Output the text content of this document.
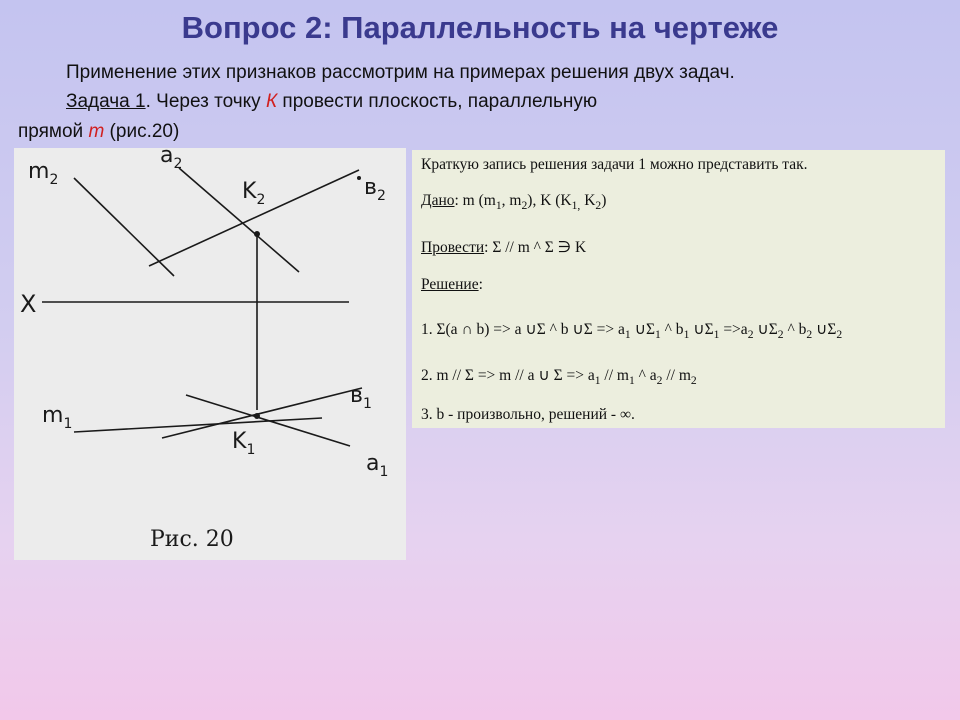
Вопрос 2: Параллельность на чертеже
Применение этих признаков рассмотрим на примерах решения двух задач.
Задача 1. Через точку К провести плоскость, параллельную
прямой m (рис.20)
$m_2$
$a_2$
$K_2$	$в_2$
X
$m_1$
$в_1$
$K_1$
$a_1$
Рис. 20
Краткую запись решения задачи 1 можно представить так.
Дано: m ($m_1$, $m_2$), K ($K_{1,}$ $K_2$)
Провести: Σ // m ^ Σ ∋ K
Решение:
1. Σ(a ∩ b) => a ∪Σ ^ b ∪Σ => $a_1$ $\cup\Sigma_1$ ^ $b_1$ $\cup\Sigma_1 =>a_2$ $\cup\Sigma_2$ ^ $b_2$ $\cup\Sigma_2$
2. m // Σ => m // a ∪ $\Sigma => a_1 // m_1$ ^ $a_2 // m_2$
3. b - произвольно, решений - ∞.
